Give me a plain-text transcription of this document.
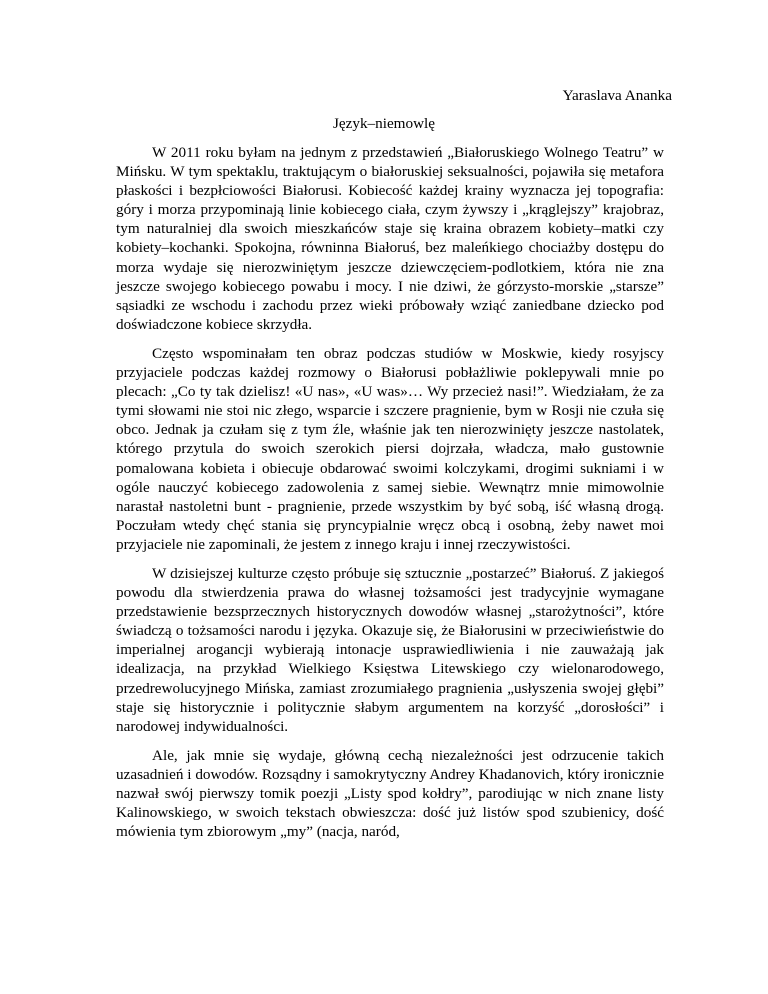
Yaraslava Ananka
Język–niemowlę

W 2011 roku byłam na jednym z przedstawień „Białoruskiego Wolnego Teatru” w Mińsku. W tym spektaklu, traktującym o białoruskiej seksualności, pojawiła się metafora płaskości i bezpłciowości Białorusi. Kobiecość każdej krainy wyznacza jej topografia: góry i morza przypominają linie kobiecego ciała, czym żywszy i „krąglejszy” krajobraz, tym naturalniej dla swoich mieszkańców staje się kraina obrazem kobiety–matki czy kobiety–kochanki. Spokojna, równinna Białoruś, bez maleńkiego chociażby dostępu do morza wydaje się nierozwiniętym jeszcze dziewczęciem-podlotkiem, która nie zna jeszcze swojego kobiecego powabu i mocy. I nie dziwi, że górzysto-morskie „starsze” sąsiadki ze wschodu i zachodu przez wieki próbowały wziąć zaniedbane dziecko pod doświadczone kobiece skrzydła.

Często wspominałam ten obraz podczas studiów w Moskwie, kiedy rosyjscy przyjaciele podczas każdej rozmowy o Białorusi pobłażliwie poklepywali mnie po plecach: „Co ty tak dzielisz! «U nas», «U was»… Wy przecież nasi!”. Wiedziałam, że za tymi słowami nie stoi nic złego, wsparcie i szczere pragnienie, bym w Rosji nie czuła się obco. Jednak ja czułam się z tym źle, właśnie jak ten nierozwinięty jeszcze nastolatek, którego przytula do swoich szerokich piersi dojrzała, władcza, mało gustownie pomalowana kobieta i obiecuje obdarować swoimi kolczykami, drogimi sukniami i w ogóle nauczyć kobiecego zadowolenia z samej siebie. Wewnątrz mnie mimowolnie narastał nastoletni bunt - pragnienie, przede wszystkim by być sobą, iść własną drogą. Poczułam wtedy chęć stania się pryncypialnie wręcz obcą i osobną, żeby nawet moi przyjaciele nie zapominali, że jestem z innego kraju i innej rzeczywistości.

W dzisiejszej kulturze często próbuje się sztucznie „postarzeć” Białoruś. Z jakiegoś powodu dla stwierdzenia prawa do własnej tożsamości jest tradycyjnie wymagane przedstawienie bezsprzecznych historycznych dowodów własnej „starożytności”, które świadczą o tożsamości narodu i języka. Okazuje się, że Białorusini w przeciwieństwie do imperialnej arogancji wybierają intonacje usprawiedliwienia i nie zauważają jak idealizacja, na przykład Wielkiego Księstwa Litewskiego czy wielonarodowego, przedrewolucyjnego Mińska, zamiast zrozumiałego pragnienia „usłyszenia swojej głębi” staje się historycznie i politycznie słabym argumentem na korzyść „dorosłości” i narodowej indywidualności.

Ale, jak mnie się wydaje, główną cechą niezależności jest odrzucenie takich uzasadnień i dowodów. Rozsądny i samokrytyczny Andrey Khadanovich, który ironicznie nazwał swój pierwszy tomik poezji „Listy spod kołdry”, parodiując w nich znane listy Kalinowskiego, w swoich tekstach obwieszcza: dość już listów spod szubienicy, dość mówienia tym zbiorowym „my” (nacja, naród,
